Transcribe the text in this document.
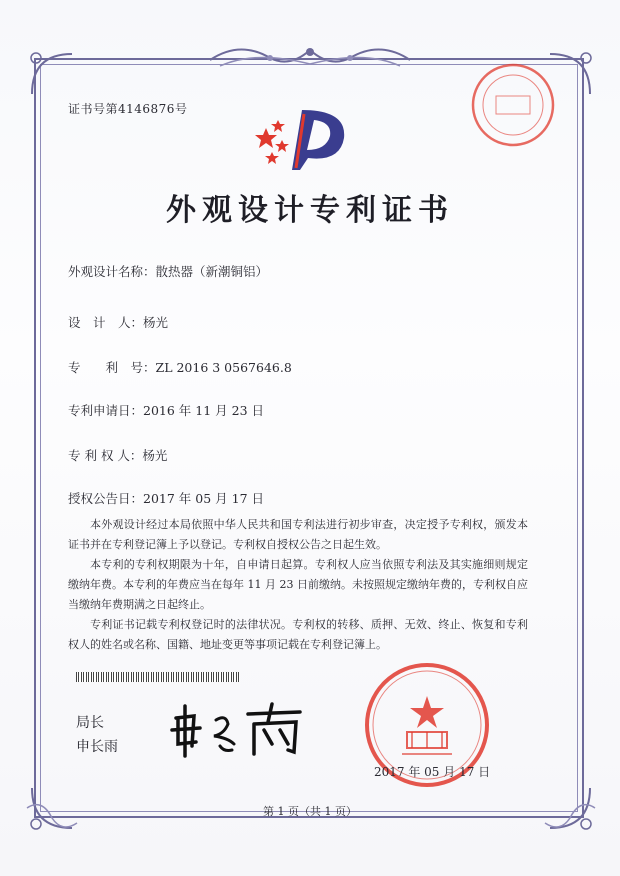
证书号第4146876号
外观设计专利证书
外观设计名称：散热器（新潮铜铝）
设　计　人：杨光
专　　利　号：ZL 2016 3 0567646.8
专利申请日：2016 年 11 月 23 日
专 利 权 人：杨光
授权公告日：2017 年 05 月 17 日
本外观设计经过本局依照中华人民共和国专利法进行初步审查，决定授予专利权，颁发本证书并在专利登记簿上予以登记。专利权自授权公告之日起生效。
本专利的专利权期限为十年，自申请日起算。专利权人应当依照专利法及其实施细则规定缴纳年费。本专利的年费应当在每年 11 月 23 日前缴纳。未按照规定缴纳年费的，专利权自应当缴纳年费期满之日起终止。
专利证书记载专利权登记时的法律状况。专利权的转移、质押、无效、终止、恢复和专利权人的姓名或名称、国籍、地址变更等事项记载在专利登记簿上。
局长
申长雨
2017 年 05 月 17 日
第 1 页（共 1 页）
